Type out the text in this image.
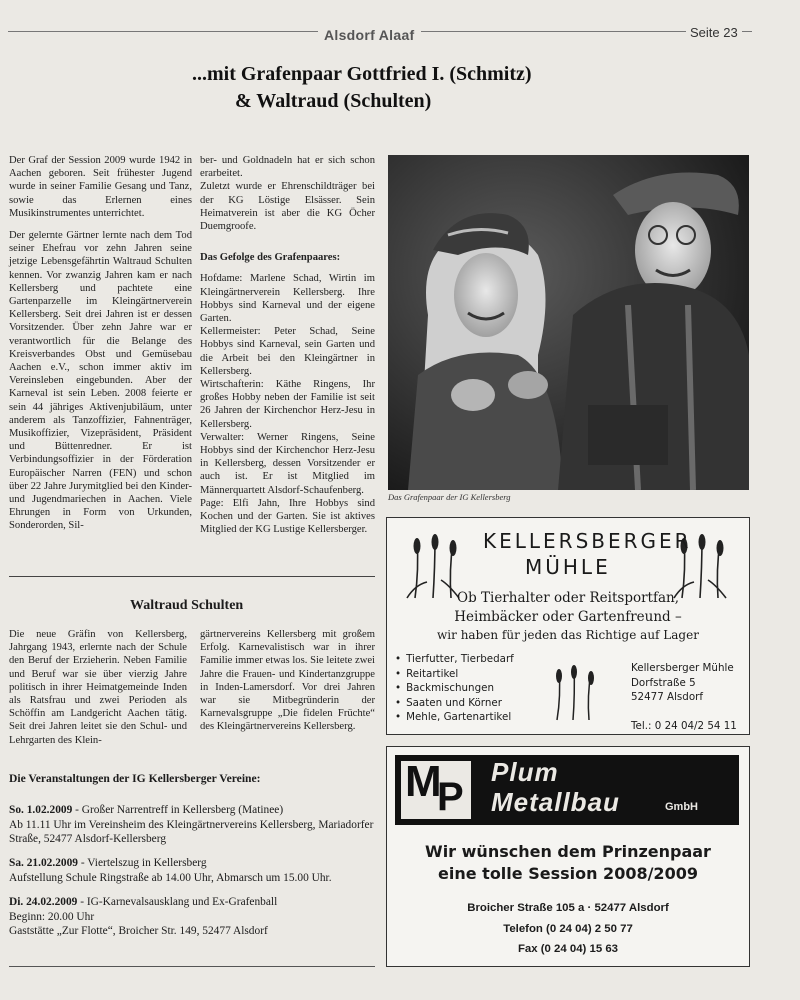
Alsdorf Alaaf	Seite 23
...mit Grafenpaar Gottfried I. (Schmitz)
& Waltraud (Schulten)

Der Graf der Session 2009 wurde 1942 in Aachen geboren. Seit frühester Jugend wurde in seiner Familie Gesang und Tanz, sowie das Erlernen eines Musikinstrumentes unterrichtet.

Der gelernte Gärtner lernte nach dem Tod seiner Ehefrau vor zehn Jahren seine jetzige Lebensgefährtin Waltraud Schulten kennen. Vor zwanzig Jahren kam er nach Kellersberg und pachtete eine Gartenparzelle im Kleingärtnerverein Kellersberg. Seit drei Jahren ist er dessen Vorsitzender. Über zehn Jahre war er verantwortlich für die Belange des Kreisverbandes Obst und Gemüsebau Aachen e.V., schon immer aktiv im Vereinsleben eingebunden. Aber der Karneval ist sein Leben. 2008 feierte er sein 44 jähriges Aktivenjubiläum, unter anderem als Tanzoffizier, Fahnenträger, Musikoffizier, Vizepräsident, Präsident und Büttenredner. Er ist Verbindungsoffizier in der Förderation Europäischer Narren (FEN) und schon über 22 Jahre Jurymitglied bei den Kinder- und Jugendmariechen in Aachen. Viele Ehrungen in Form von Urkunden, Sonderorden, Sil-

ber- und Goldnadeln hat er sich schon erarbeitet.

Zuletzt wurde er Ehrenschildträger bei der KG Löstige Elsässer. Sein Heimatverein ist aber die KG Öcher Duemgroofe.

Das Gefolge des Grafenpaares:

Hofdame: Marlene Schad, Wirtin im Kleingärtnerverein Kellersberg. Ihre Hobbys sind Karneval und der eigene Garten.

Kellermeister: Peter Schad, Seine Hobbys sind Karneval, sein Garten und die Arbeit bei den Kleingärtner in Kellersberg.

Wirtschafterin: Käthe Ringens, Ihr großes Hobby neben der Familie ist seit 26 Jahren der Kirchenchor Herz-Jesu in Kellersberg.

Verwalter: Werner Ringens, Seine Hobbys sind der Kirchenchor Herz-Jesu in Kellersberg, dessen Vorsitzender er auch ist. Er ist Mitglied im Männerquartett Alsdorf-Schaufenberg.

Page: Elfi Jahn, Ihre Hobbys sind Kochen und der Garten. Sie ist aktives Mitglied der KG Lustige Kellersberger.

Das Grafenpaar der IG Kellersberg
Waltraud Schulten

Die neue Gräfin von Kellersberg, Jahrgang 1943, erlernte nach der Schule den Beruf der Erzieherin. Neben Familie und Beruf war sie über vierzig Jahre politisch in ihrer Heimatgemeinde Inden als Ratsfrau und zwei Perioden als Schöffin am Landgericht Aachen tätig. Seit drei Jahren leitet sie den Schul- und Lehrgarten des Klein-

gärtnervereins Kellersberg mit großem Erfolg. Karnevalistisch war in ihrer Familie immer etwas los. Sie leitete zwei Jahre die Frauen- und Kindertanzgruppe in Inden-Lamersdorf. Vor drei Jahren war sie Mitbegründerin der Karnevalsgruppe „Die fidelen Früchte“ des Kleingärtnervereins Kellersberg.

Die Veranstaltungen der IG Kellersberger Vereine:
So. 1.02.2009 - Großer Narrentreff in Kellersberg (Matinee)
Ab 11.11 Uhr im Vereinsheim des Kleingärtnervereins Kellersberg, Mariadorfer Straße, 52477 Alsdorf-Kellersberg
Sa. 21.02.2009 - Viertelszug in Kellersberg
Aufstellung Schule Ringstraße ab 14.00 Uhr, Abmarsch um 15.00 Uhr.
Di. 24.02.2009 - IG-Karnevalsausklang und Ex-Grafenball
Beginn: 20.00 Uhr
Gaststätte „Zur Flotte“, Broicher Str. 149, 52477 Alsdorf
KELLERSBERGER
MÜHLE
Ob Tierhalter oder Reitsportfan,
Heimbäcker oder Gartenfreund –
wir haben für jeden das Richtige auf Lager
• Tierfutter, Tierbedarf
• Reitartikel
• Backmischungen
• Saaten und Körner
• Mehle, Gartenartikel
Kellersberger Mühle
Dorfstraße 5
52477 Alsdorf
Tel.: 0 24 04/2 54 11
M
P
Plum
Metallbau	GmbH
Wir wünschen dem Prinzenpaar
eine tolle Session 2008/2009
Broicher Straße 105 a · 52477 Alsdorf
Telefon (0 24 04) 2 50 77
Fax (0 24 04) 15 63
